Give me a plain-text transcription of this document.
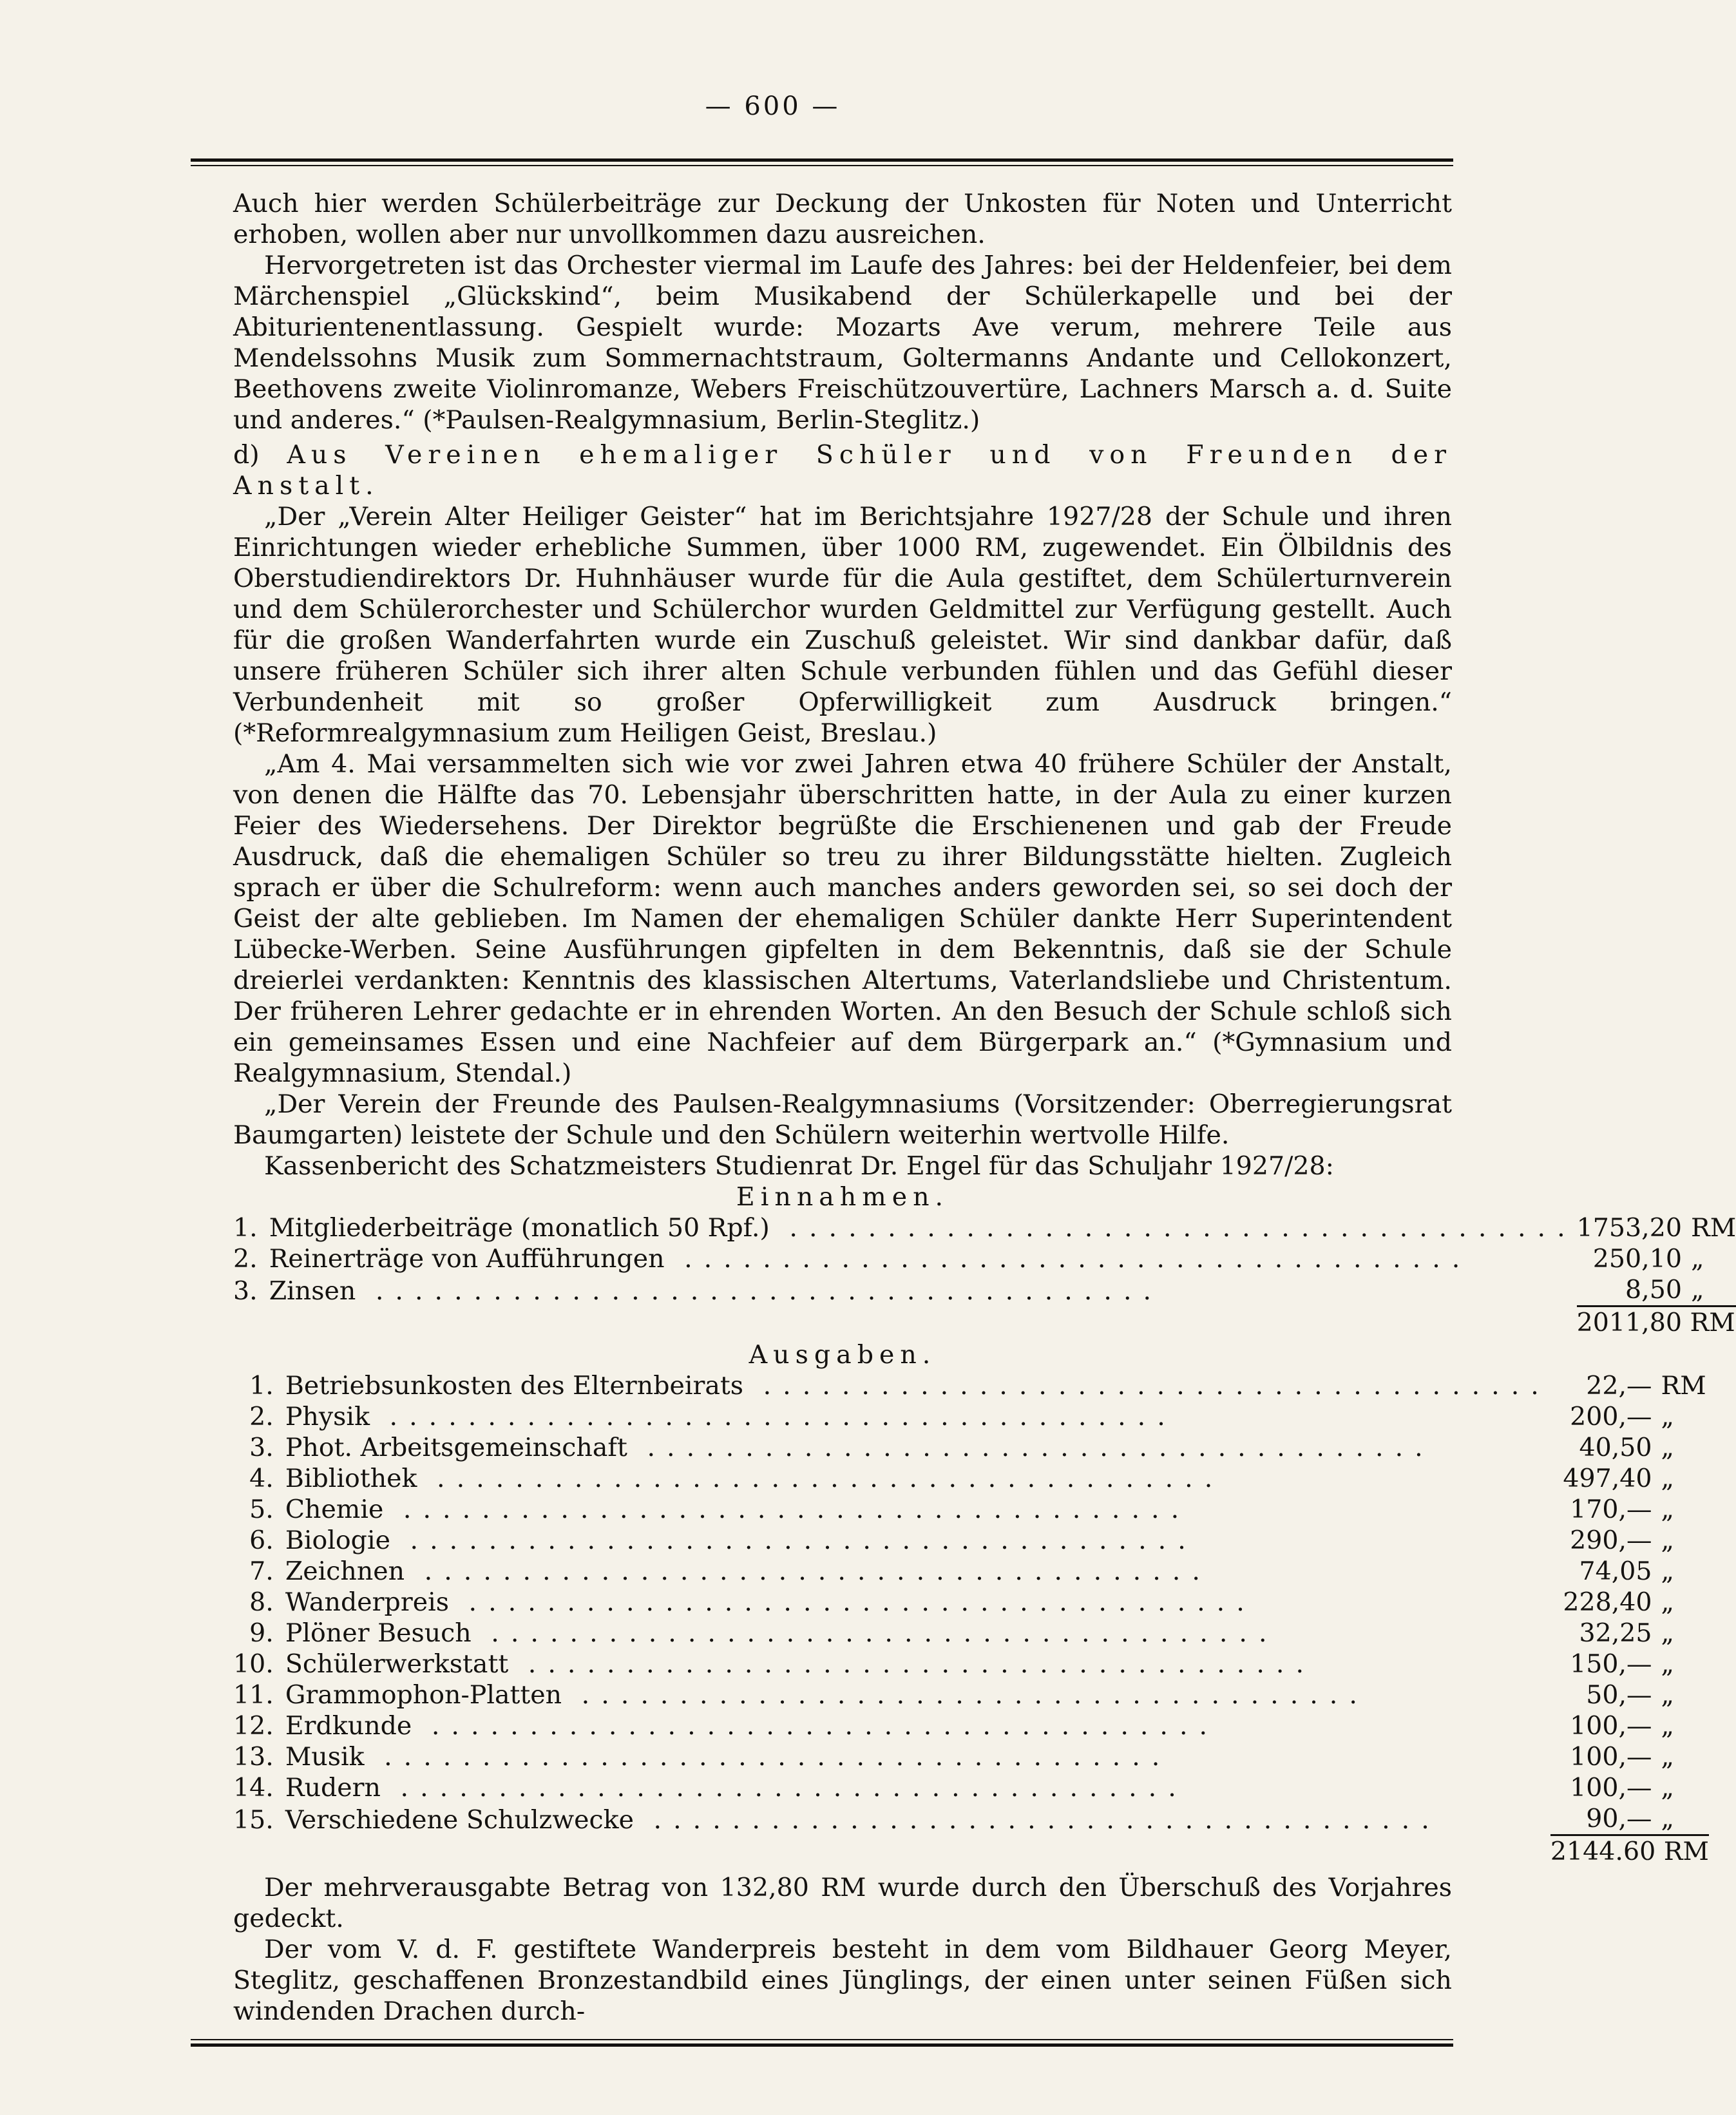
— 600 —

Auch hier werden Schülerbeiträge zur Deckung der Unkosten für Noten und Unterricht erhoben, wollen aber nur unvollkommen dazu ausreichen.

Hervorgetreten ist das Orchester viermal im Laufe des Jahres: bei der Heldenfeier, bei dem Märchenspiel „Glückskind“, beim Musikabend der Schülerkapelle und bei der Abiturientenentlassung. Gespielt wurde: Mozarts Ave verum, mehrere Teile aus Mendelssohns Musik zum Sommernachtstraum, Goltermanns Andante und Cellokonzert, Beethovens zweite Violinromanze, Webers Freischützouvertüre, Lachners Marsch a. d. Suite und anderes.“ (*Paulsen-Realgymnasium, Berlin-Steglitz.)

d) Aus Vereinen ehemaliger Schüler und von Freunden der Anstalt.

„Der „Verein Alter Heiliger Geister“ hat im Berichtsjahre 1927/28 der Schule und ihren Einrichtungen wieder erhebliche Summen, über 1000 RM, zugewendet. Ein Ölbildnis des Oberstudiendirektors Dr. Huhnhäuser wurde für die Aula gestiftet, dem Schülerturnverein und dem Schülerorchester und Schülerchor wurden Geldmittel zur Verfügung gestellt. Auch für die großen Wanderfahrten wurde ein Zuschuß geleistet. Wir sind dankbar dafür, daß unsere früheren Schüler sich ihrer alten Schule verbunden fühlen und das Gefühl dieser Verbundenheit mit so großer Opferwilligkeit zum Ausdruck bringen.“ (*Reformrealgymnasium zum Heiligen Geist, Breslau.)

„Am 4. Mai versammelten sich wie vor zwei Jahren etwa 40 frühere Schüler der Anstalt, von denen die Hälfte das 70. Lebensjahr überschritten hatte, in der Aula zu einer kurzen Feier des Wiedersehens. Der Direktor begrüßte die Erschienenen und gab der Freude Ausdruck, daß die ehemaligen Schüler so treu zu ihrer Bildungsstätte hielten. Zugleich sprach er über die Schulreform: wenn auch manches anders geworden sei, so sei doch der Geist der alte geblieben. Im Namen der ehemaligen Schüler dankte Herr Superintendent Lübecke-Werben. Seine Ausführungen gipfelten in dem Bekenntnis, daß sie der Schule dreierlei verdankten: Kenntnis des klassischen Altertums, Vaterlandsliebe und Christentum. Der früheren Lehrer gedachte er in ehrenden Worten. An den Besuch der Schule schloß sich ein gemeinsames Essen und eine Nachfeier auf dem Bürgerpark an.“ (*Gymnasium und Realgymnasium, Stendal.)

„Der Verein der Freunde des Paulsen-Realgymnasiums (Vorsitzender: Oberregierungsrat Baumgarten) leistete der Schule und den Schülern weiterhin wertvolle Hilfe.

Kassenbericht des Schatzmeisters Studienrat Dr. Engel für das Schuljahr 1927/28:

Einnahmen.

	1.	Mitgliederbeiträge (monatlich 50 Rpf.) ........................................	1753,20	RM	
	2.	Reinerträge von Aufführungen ........................................	250,10	„	
	3.	Zinsen ........................................	8,50	„	
		2011,80 RM		

Ausgaben.

	1.	Betriebsunkosten des Elternbeirats ........................................	22,—	RM	
	2.	Physik ........................................	200,—	„	
	3.	Phot. Arbeitsgemeinschaft ........................................	40,50	„	
	4.	Bibliothek ........................................	497,40	„	
	5.	Chemie ........................................	170,—	„	
	6.	Biologie ........................................	290,—	„	
	7.	Zeichnen ........................................	74,05	„	
	8.	Wanderpreis ........................................	228,40	„	
	9.	Plöner Besuch ........................................	32,25	„	
	10.	Schülerwerkstatt ........................................	150,—	„	
	11.	Grammophon-Platten ........................................	50,—	„	
	12.	Erdkunde ........................................	100,—	„	
	13.	Musik ........................................	100,—	„	
	14.	Rudern ........................................	100,—	„	
	15.	Verschiedene Schulzwecke ........................................	90,—	„	
		2144.60 RM		

Der mehrverausgabte Betrag von 132,80 RM wurde durch den Überschuß des Vorjahres gedeckt.

Der vom V. d. F. gestiftete Wanderpreis besteht in dem vom Bildhauer Georg Meyer, Steglitz, geschaffenen Bronzestandbild eines Jünglings, der einen unter seinen Füßen sich windenden Drachen durch-
